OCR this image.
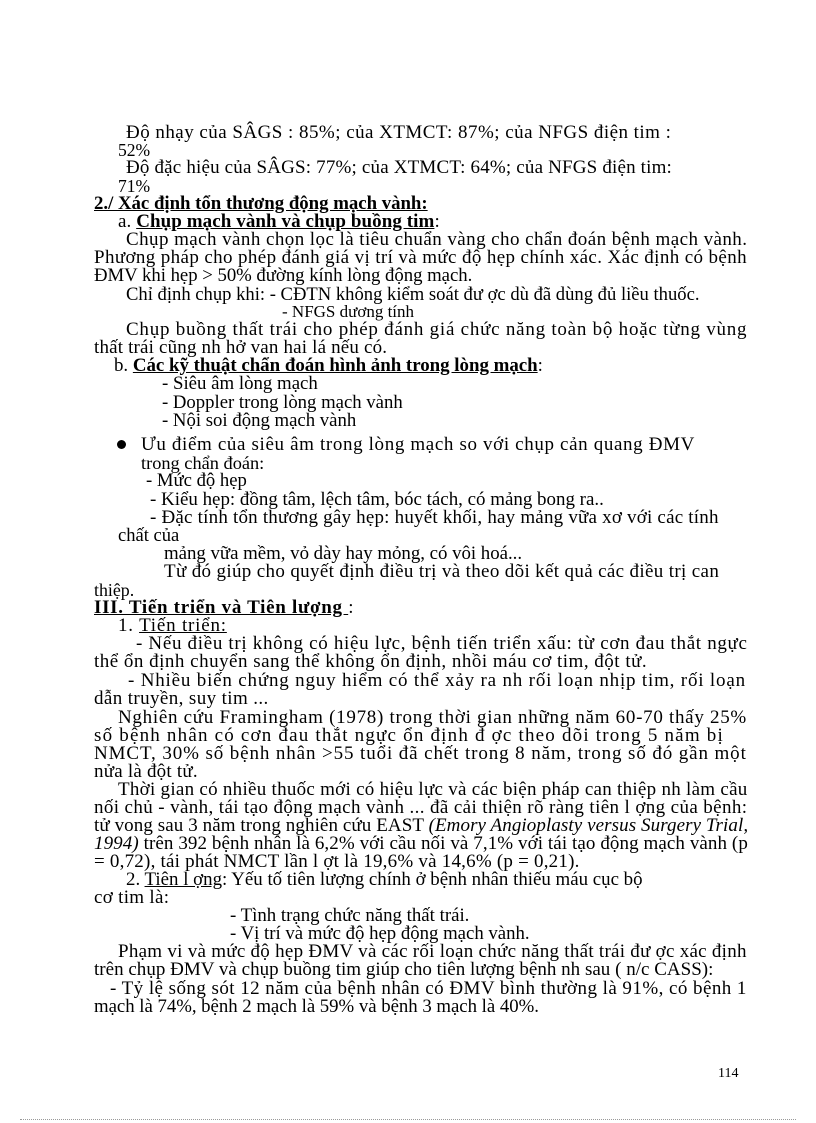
114
Độ nhạy của SÂGS : 85%; của XTMCT: 87%; của NFGS điện tim :
52%
Độ đặc hiệu của SÂGS: 77%; của XTMCT: 64%; của NFGS điện tim:
71%
2./ Xác định tổn thương động mạch vành:
a. Chụp mạch vành và chụp buồng tim:
Chụp mạch vành chọn lọc là tiêu chuẩn vàng cho chẩn đoán bệnh mạch vành.
Phương pháp cho phép đánh giá vị trí và mức độ hẹp chính xác. Xác định có bệnh
ĐMV khi hẹp > 50% đường kính lòng động mạch.
Chỉ định chụp khi: - CĐTN không kiểm soát đư ợc dù đã dùng đủ liều thuốc.
- NFGS dương tính
Chụp buồng thất trái cho phép đánh giá chức năng toàn bộ hoặc từng vùng
thất trái cũng nh hở van hai lá nếu có.
b. Các kỹ thuật chẩn đoán hình ảnh trong lòng mạch:
- Siêu âm lòng mạch
- Doppler trong lòng mạch vành
- Nội soi động mạch vành
Ưu điểm của siêu âm trong lòng mạch so với chụp cản quang ĐMV
trong chẩn đoán:
- Mức độ hẹp
- Kiểu hẹp: đồng tâm, lệch tâm, bóc tách, có mảng bong ra..
- Đặc tính tổn thương gây hẹp: huyết khối, hay mảng vữa xơ với các tính
chất của
mảng vữa mềm, vỏ dày hay mỏng, có vôi hoá...
Từ đó giúp cho quyết định điều trị và theo dõi kết quả các điều trị can
thiệp.
III. Tiến triển và Tiên lượng :
1. Tiến triển:
- Nếu điều trị không có hiệu lực, bệnh tiến triển xấu: từ cơn đau thắt ngực
thể ổn định chuyển sang thể không ổn định, nhồi máu cơ tim, đột tử.
- Nhiều biến chứng nguy hiểm có thể xảy ra nh rối loạn nhịp tim, rối loạn
dẫn truyền, suy tim ...
Nghiên cứu Framingham (1978) trong thời gian những năm 60-70 thấy 25%
số bệnh nhân có cơn đau thắt ngực ổn định đ ợc theo dõi trong 5 năm bị
NMCT, 30% số bệnh nhân >55 tuổi đã chết trong 8 năm, trong số đó gần một
nửa là đột tử.
Thời gian có nhiều thuốc mới có hiệu lực và các biện pháp can thiệp nh làm cầu
nối chủ - vành, tái tạo động mạch vành ... đã cải thiện rõ ràng tiên l ợng của bệnh:
tử vong sau 3 năm trong nghiên cứu EAST (Emory Angioplasty versus Surgery Trial,
1994) trên 392 bệnh nhân là 6,2% với cầu nối và 7,1% với tái tạo động mạch vành (p
= 0,72), tái phát NMCT lần l ợt là 19,6% và 14,6% (p = 0,21).
2. Tiên l ợng: Yếu tố tiên lượng chính ở bệnh nhân thiếu máu cục bộ
cơ tim là:
- Tình trạng chức năng thất trái.
- Vị trí và mức độ hẹp động mạch vành.
Phạm vi và mức độ hẹp ĐMV và các rối loạn chức năng thất trái đư ợc xác định
trên chụp ĐMV và chụp buồng tim giúp cho tiên lượng bệnh nh sau ( n/c CASS):
- Tỷ lệ sống sót 12 năm của bệnh nhân có ĐMV bình thường là 91%, có bệnh 1
mạch là 74%, bệnh 2 mạch là 59% và bệnh 3 mạch là 40%.
